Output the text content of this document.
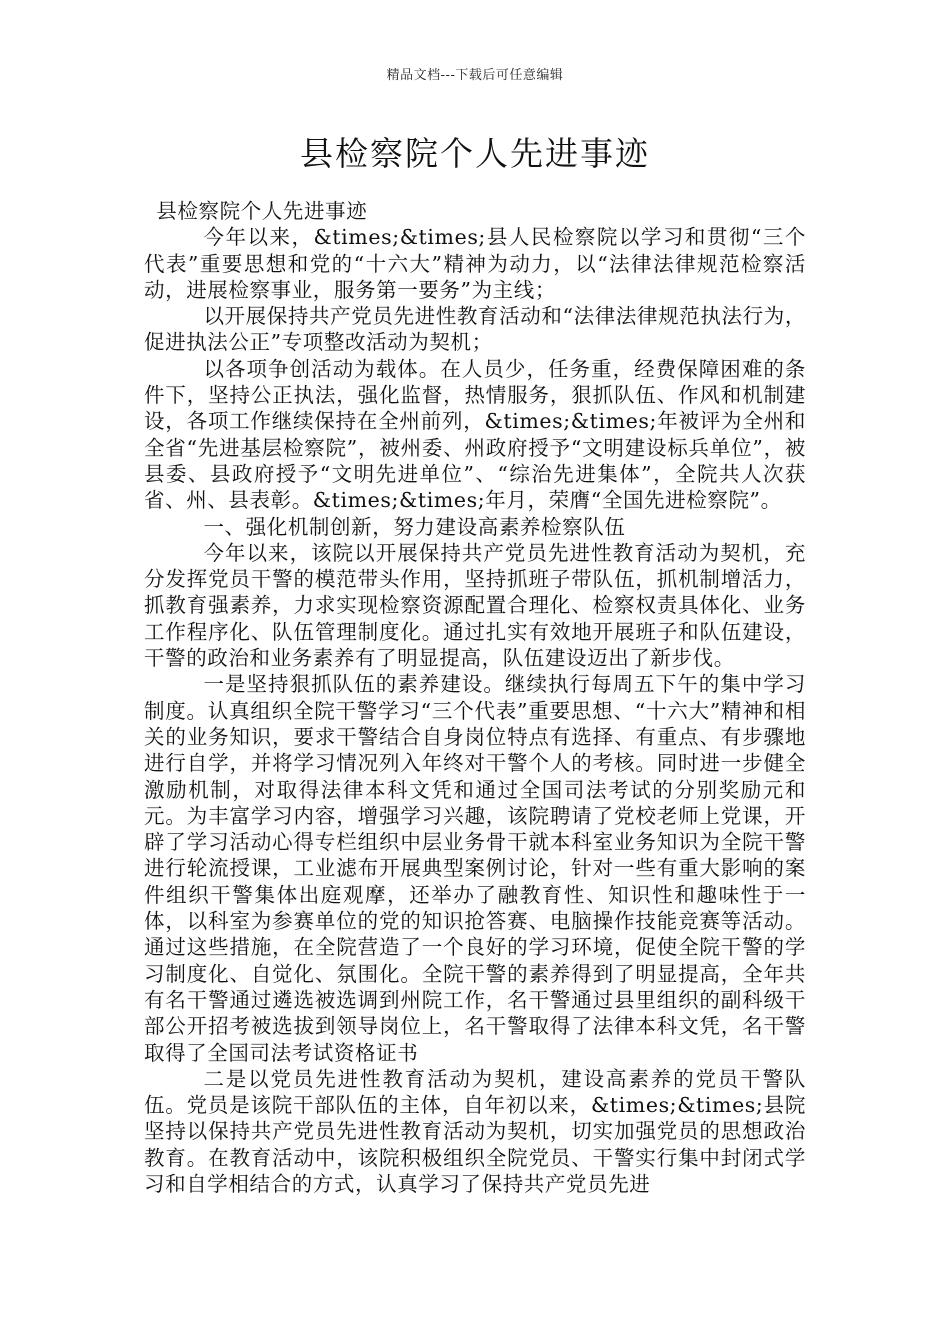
精品文档---下载后可任意编辑
县检察院个人先进事迹

县检察院个人先进事迹

今年以来，&times;&times;县人民检察院以学习和贯彻“三个代表”重要思想和党的“十六大”精神为动力，以“法律法律规范检察活动，进展检察事业，服务第一要务”为主线；

以开展保持共产党员先进性教育活动和“法律法律规范执法行为，促进执法公正”专项整改活动为契机；

以各项争创活动为载体。在人员少，任务重，经费保障困难的条件下，坚持公正执法，强化监督，热情服务，狠抓队伍、作风和机制建设，各项工作继续保持在全州前列，&times;&times;年被评为全州和全省“先进基层检察院”，被州委、州政府授予“文明建设标兵单位”，被县委、县政府授予“文明先进单位”、“综治先进集体”，全院共人次获省、州、县表彰。&times;&times;年月，荣膺“全国先进检察院”。

一、强化机制创新，努力建设高素养检察队伍

今年以来，该院以开展保持共产党员先进性教育活动为契机，充分发挥党员干警的模范带头作用，坚持抓班子带队伍，抓机制增活力，抓教育强素养，力求实现检察资源配置合理化、检察权责具体化、业务工作程序化、队伍管理制度化。通过扎实有效地开展班子和队伍建设，干警的政治和业务素养有了明显提高，队伍建设迈出了新步伐。

一是坚持狠抓队伍的素养建设。继续执行每周五下午的集中学习制度。认真组织全院干警学习“三个代表”重要思想、“十六大”精神和相关的业务知识，要求干警结合自身岗位特点有选择、有重点、有步骤地进行自学，并将学习情况列入年终对干警个人的考核。同时进一步健全激励机制，对取得法律本科文凭和通过全国司法考试的分别奖励元和元。为丰富学习内容，增强学习兴趣，该院聘请了党校老师上党课，开辟了学习活动心得专栏组织中层业务骨干就本科室业务知识为全院干警进行轮流授课，工业滤布开展典型案例讨论，针对一些有重大影响的案件组织干警集体出庭观摩，还举办了融教育性、知识性和趣味性于一体，以科室为参赛单位的党的知识抢答赛、电脑操作技能竞赛等活动。通过这些措施，在全院营造了一个良好的学习环境，促使全院干警的学习制度化、自觉化、氛围化。全院干警的素养得到了明显提高，全年共有名干警通过遴选被选调到州院工作，名干警通过县里组织的副科级干部公开招考被选拔到领导岗位上，名干警取得了法律本科文凭，名干警取得了全国司法考试资格证书

二是以党员先进性教育活动为契机，建设高素养的党员干警队伍。党员是该院干部队伍的主体，自年初以来，&times;&times;县院坚持以保持共产党员先进性教育活动为契机，切实加强党员的思想政治教育。在教育活动中，该院积极组织全院党员、干警实行集中封闭式学习和自学相结合的方式，认真学习了保持共产党员先进
